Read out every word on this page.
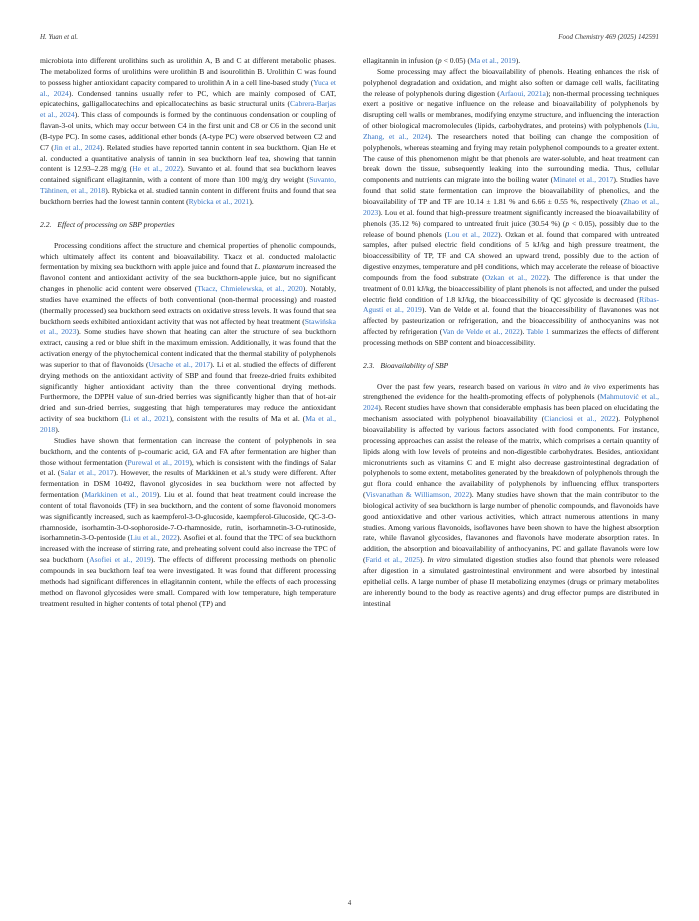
H. Yuan et al.	Food Chemistry 469 (2025) 142591

microbiota into different urolithins such as urolithin A, B and C at different metabolic phases. The metabolized forms of urolithins were urolithin B and isourolithin B. Urolithin C was found to possess higher antioxidant capacity compared to urolithin A in a cell line-based study (Yuca et al., 2024). Condensed tannins usually refer to PC, which are mainly composed of CAT, epicatechins, galligallocatechins and epicallocatechins as basic structural units (Cabrera-Barjas et al., 2024). This class of compounds is formed by the continuous condensation or coupling of flavan-3-ol units, which may occur between C4 in the first unit and C8 or C6 in the second unit (B-type PC). In some cases, additional ether bonds (A-type PC) were observed between C2 and C7 (Jin et al., 2024). Related studies have reported tannin content in sea buckthorn. Qian He et al. conducted a quantitative analysis of tannin in sea buckthorn leaf tea, showing that tannin content is 12.93–2.28 mg/g (He et al., 2022). Suvanto et al. found that sea buckthorn leaves contained significant ellagitannin, with a content of more than 100 mg/g dry weight (Suvanto, Tähtinen, et al., 2018). Rybicka et al. studied tannin content in different fruits and found that sea buckthorn berries had the lowest tannin content (Rybicka et al., 2021).

2.2. Effect of processing on SBP properties

Processing conditions affect the structure and chemical properties of phenolic compounds, which ultimately affect its content and bioavailability. Tkacz et al. conducted malolactic fermentation by mixing sea buckthorn with apple juice and found that L. plantarum increased the flavonol content and antioxidant activity of the sea buckthorn-apple juice, but no significant changes in phenolic acid content were observed (Tkacz, Chmielewska, et al., 2020). Notably, studies have examined the effects of both conventional (non-thermal processing) and roasted (thermally processed) sea buckthorn seed extracts on oxidative stress levels. It was found that sea buckthorn seeds exhibited antioxidant activity that was not affected by heat treatment (Stawińska et al., 2023). Some studies have shown that heating can alter the structure of sea buckthorn extract, causing a red or blue shift in the maximum emission. Additionally, it was found that the activation energy of the phytochemical content indicated that the thermal stability of polyphenols was superior to that of flavonoids (Ursache et al., 2017). Li et al. studied the effects of different drying methods on the antioxidant activity of SBP and found that freeze-dried fruits exhibited significantly higher antioxidant activity than the three conventional drying methods. Furthermore, the DPPH value of sun-dried berries was significantly higher than that of hot-air dried and sun-dried berries, suggesting that high temperatures may reduce the antioxidant activity of sea buckthorn (Li et al., 2021), consistent with the results of Ma et al. (Ma et al., 2018).

Studies have shown that fermentation can increase the content of polyphenols in sea buckthorn, and the contents of p-coumaric acid, GA and FA after fermentation are higher than those without fermentation (Purewal et al., 2019), which is consistent with the findings of Salar et al. (Salar et al., 2017). However, the results of Markkinen et al.'s study were different. After fermentation in DSM 10492, flavonol glycosides in sea buckthorn were not affected by fermentation (Markkinen et al., 2019). Liu et al. found that heat treatment could increase the content of total flavonoids (TF) in sea buckthorn, and the content of some flavonoid monomers was significantly increased, such as kaempferol-3-O-glucoside, kaempferol-Glucoside, QC-3-O-rhamnoside, isorhamtin-3-O-sophoroside-7-O-rhamnoside, rutin, isorhamnetin-3-O-rutinoside, isorhamnetin-3-O-pentoside (Liu et al., 2022). Asofiei et al. found that the TPC of sea buckthorn increased with the increase of stirring rate, and preheating solvent could also increase the TPC of sea buckthorn (Asofiei et al., 2019). The effects of different processing methods on phenolic compounds in sea buckthorn leaf tea were investigated. It was found that different processing methods had significant differences in ellagitannin content, while the effects of each processing method on flavonol glycosides were small. Compared with low temperature, high temperature treatment resulted in higher contents of total phenol (TP) and

ellagitannin in infusion (p < 0.05) (Ma et al., 2019).

Some processing may affect the bioavailability of phenols. Heating enhances the risk of polyphenol degradation and oxidation, and might also soften or damage cell walls, facilitating the release of polyphenols during digestion (Arfaoui, 2021a); non-thermal processing techniques exert a positive or negative influence on the release and bioavailability of polyphenols by disrupting cell walls or membranes, modifying enzyme structure, and influencing the interaction of other biological macromolecules (lipids, carbohydrates, and proteins) with polyphenols (Liu, Zhang, et al., 2024). The researchers noted that boiling can change the composition of polyphenols, whereas steaming and frying may retain polyphenol compounds to a greater extent. The cause of this phenomenon might be that phenols are water-soluble, and heat treatment can break down the tissue, subsequently leaking into the surrounding media. Thus, cellular components and nutrients can migrate into the boiling water (Minatel et al., 2017). Studies have found that solid state fermentation can improve the bioavailability of phenolics, and the bioavailability of TP and TF are 10.14 ± 1.81 % and 6.66 ± 0.55 %, respectively (Zhao et al., 2023). Lou et al. found that high-pressure treatment significantly increased the bioavailability of phenols (35.12 %) compared to untreated fruit juice (30.54 %) (p < 0.05), possibly due to the release of bound phenols (Lou et al., 2022). Ozkan et al. found that compared with untreated samples, after pulsed electric field conditions of 5 kJ/kg and high pressure treatment, the bioaccessibility of TP, TF and CA showed an upward trend, possibly due to the action of digestive enzymes, temperature and pH conditions, which may accelerate the release of bioactive compounds from the food substrate (Ozkan et al., 2022). The difference is that under the treatment of 0.01 kJ/kg, the bioaccessibility of plant phenols is not affected, and under the pulsed electric field condition of 1.8 kJ/kg, the bioaccessibility of QC glycoside is decreased (Ribas-Agustí et al., 2019). Van de Velde et al. found that the bioaccessibility of flavanones was not affected by pasteurization or refrigeration, and the bioaccessibility of anthocyanins was not affected by refrigeration (Van de Velde et al., 2022). Table 1 summarizes the effects of different processing methods on SBP content and bioaccessibility.

2.3. Bioavailability of SBP

Over the past few years, research based on various in vitro and in vivo experiments has strengthened the evidence for the health-promoting effects of polyphenols (Mahmutović et al., 2024). Recent studies have shown that considerable emphasis has been placed on elucidating the mechanism associated with polyphenol bioavailability (Cianciosi et al., 2022). Polyphenol bioavailability is affected by various factors associated with food components. For instance, processing approaches can assist the release of the matrix, which comprises a certain quantity of lipids along with low levels of proteins and non-digestible carbohydrates. Besides, antioxidant micronutrients such as vitamins C and E might also decrease gastrointestinal degradation of polyphenols to some extent, metabolites generated by the breakdown of polyphenols through the gut flora could enhance the availability of polyphenols by influencing efflux transporters (Visvanathan & Williamson, 2022). Many studies have shown that the main contributor to the biological activity of sea buckthorn is large number of phenolic compounds, and flavonoids have good antioxidative and other various activities, which attract numerous attentions in many studies. Among various flavonoids, isoflavones have been shown to have the highest absorption rate, while flavanol glycosides, flavanones and flavonols have moderate absorption rates. In addition, the absorption and bioavailability of anthocyanins, PC and gallate flavanols were low (Farid et al., 2025). In vitro simulated digestion studies also found that phenols were released after digestion in a simulated gastrointestinal environment and were absorbed by intestinal epithelial cells. A large number of phase II metabolizing enzymes (drugs or primary metabolites are inherently bound to the body as reactive agents) and drug effector pumps are distributed in intestinal

4
